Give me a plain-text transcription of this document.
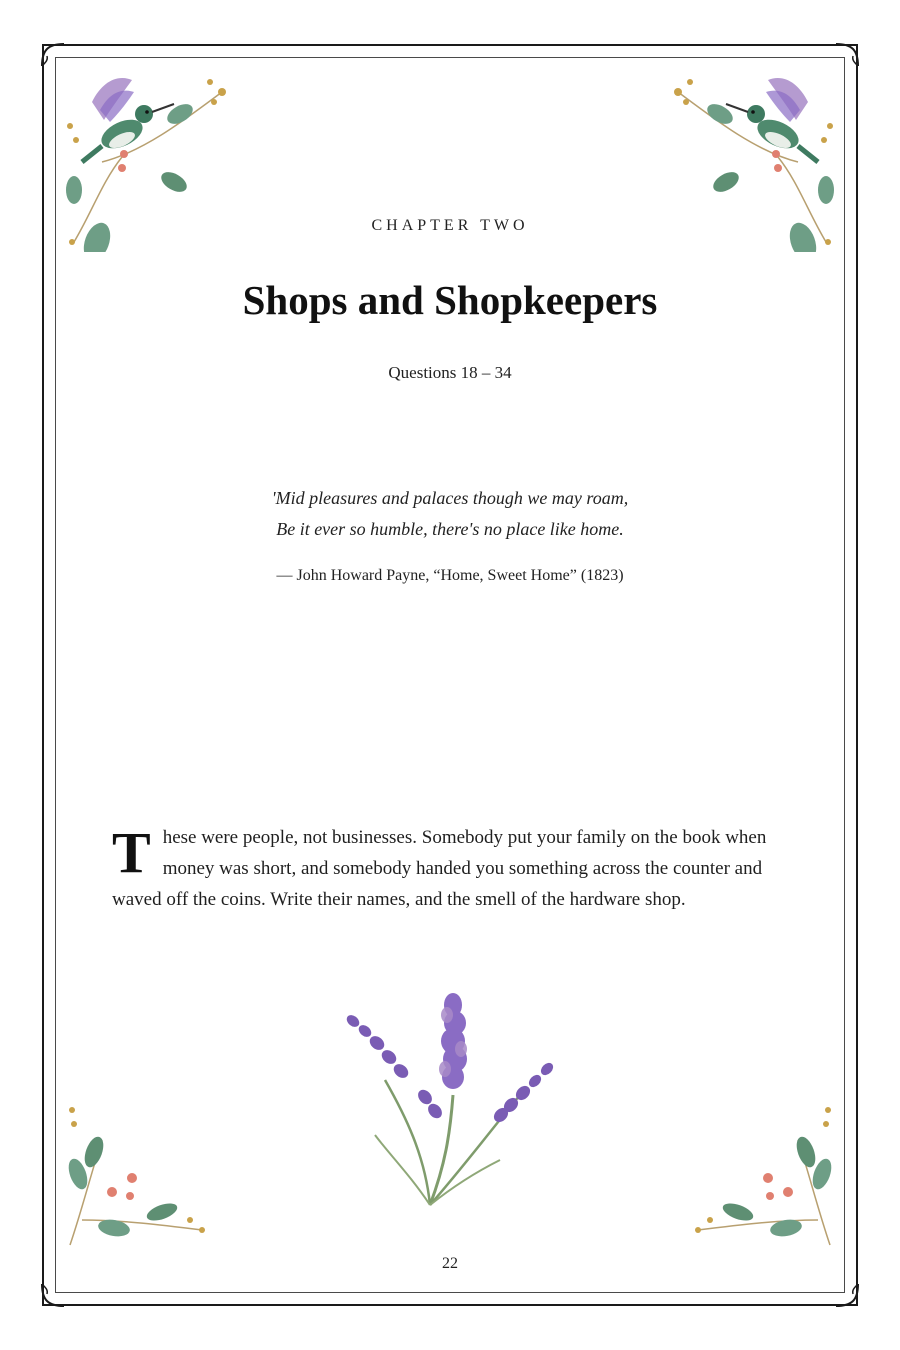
CHAPTER TWO
Shops and Shopkeepers
Questions 18 – 34
'Mid pleasures and palaces though we may roam,
Be it ever so humble, there's no place like home.
— John Howard Payne, “Home, Sweet Home” (1823)

These were people, not businesses. Somebody put your family on the book when money was short, and somebody handed you something across the counter and waved off the coins. Write their names, and the smell of the hardware shop.

22
